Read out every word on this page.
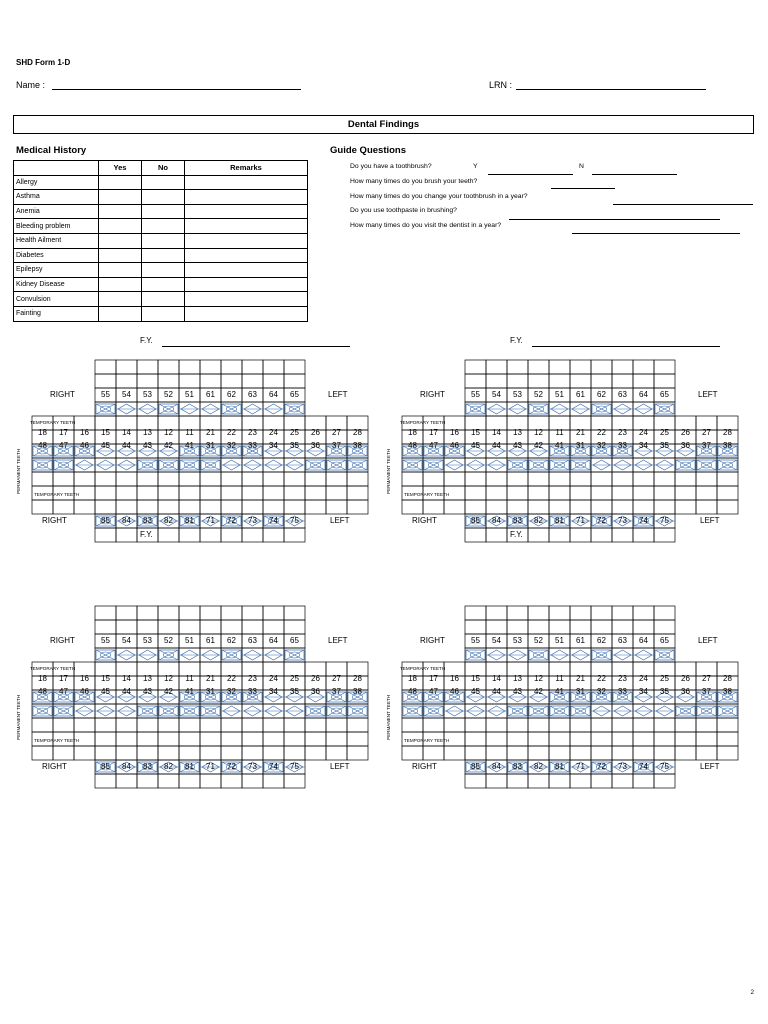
SHD Form 1-D
Name :	LRN :
Dental Findings
Medical History	Guide Questions
	Yes	No	Remarks
Allergy			
Asthma			
Anemia			
Bleeding problem			
Health Ailment			
Diabetes			
Epilepsy			
Kidney Disease			
Convulsion			
Fainting			
Do you have a toothbrush?	Y	N
How many times do you brush your teeth?
How many times do you change your toothbrush in a year?
Do you use toothpaste in brushing?
How many times do you visit the dentist in a year?
55	54	53	52	51	61	62	63	64	65
18	17	16	15	14	13	12	11	21	22	23	24	25	26	27	28
48	47	46	45	44	43	42	41	31	32	33	34	35	36	37	38
85	84	83	82	81	71	72	73	74	75
RIGHT	LEFT
RIGHT	LEFT
TEMPORARY TEETH
TEMPORARY TEETH
PERMANENT TEETH
F.Y.
F.Y.
55	54	53	52	51	61	62	63	64	65
18	17	16	15	14	13	12	11	21	22	23	24	25	26	27	28
48	47	46	45	44	43	42	41	31	32	33	34	35	36	37	38
85	84	83	82	81	71	72	73	74	75
RIGHT	LEFT
RIGHT	LEFT
TEMPORARY TEETH
TEMPORARY TEETH
PERMANENT TEETH
F.Y.
F.Y.
55	54	53	52	51	61	62	63	64	65
18	17	16	15	14	13	12	11	21	22	23	24	25	26	27	28
48	47	46	45	44	43	42	41	31	32	33	34	35	36	37	38
85	84	83	82	81	71	72	73	74	75
RIGHT	LEFT
RIGHT	LEFT
TEMPORARY TEETH
TEMPORARY TEETH
PERMANENT TEETH
55	54	53	52	51	61	62	63	64	65
18	17	16	15	14	13	12	11	21	22	23	24	25	26	27	28
48	47	46	45	44	43	42	41	31	32	33	34	35	36	37	38
85	84	83	82	81	71	72	73	74	75
RIGHT	LEFT
RIGHT	LEFT
TEMPORARY TEETH
TEMPORARY TEETH
PERMANENT TEETH
2
